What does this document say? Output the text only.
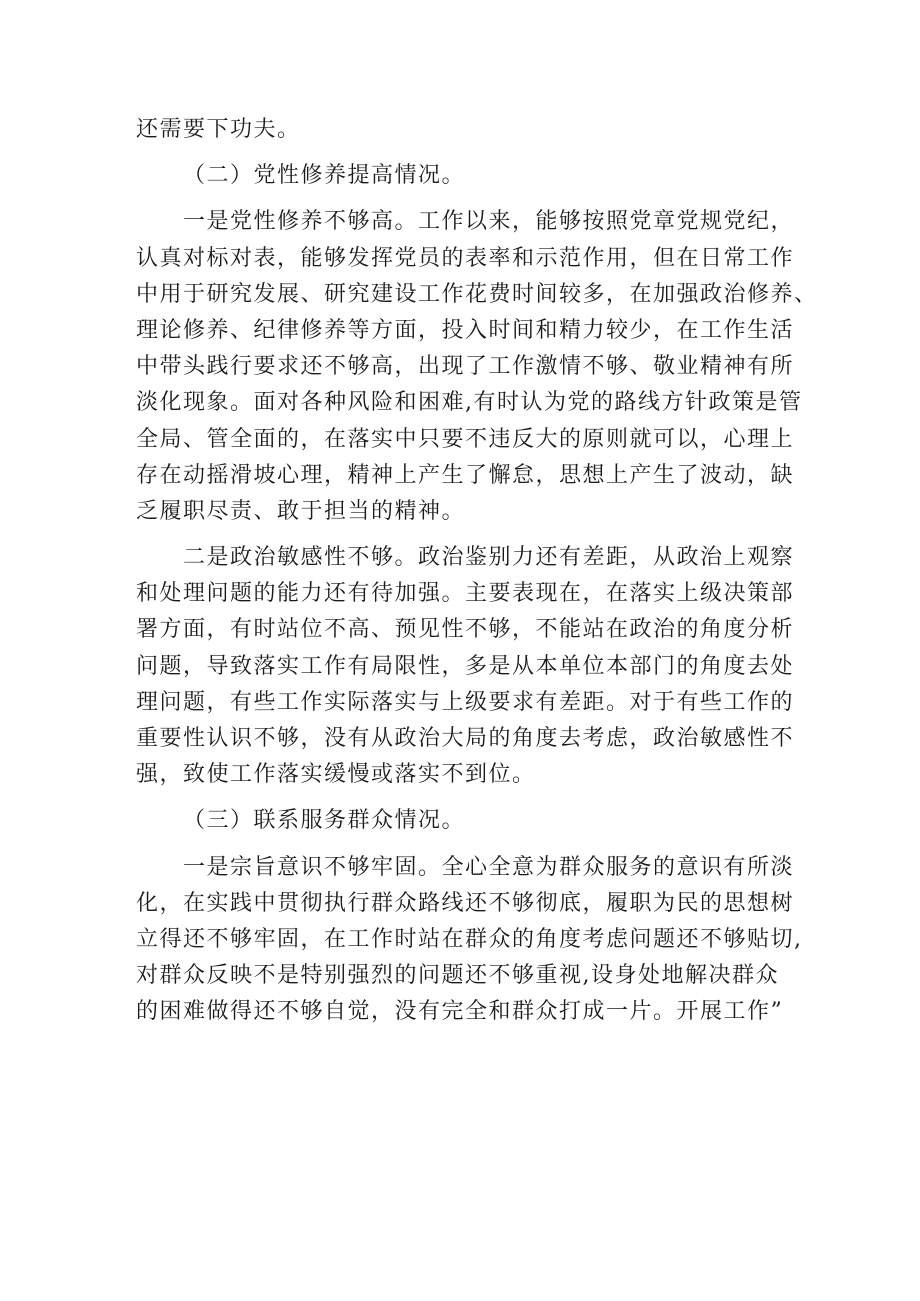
还需要下功夫。
（二）党性修养提高情况。
一是党性修养不够高。工作以来，能够按照党章党规党纪，
认真对标对表，能够发挥党员的表率和示范作用，但在日常工作
中用于研究发展、研究建设工作花费时间较多，在加强政治修养、
理论修养、纪律修养等方面，投入时间和精力较少，在工作生活
中带头践行要求还不够高，出现了工作激情不够、敬业精神有所
淡化现象。面对各种风险和困难,有时认为党的路线方针政策是管
全局、管全面的，在落实中只要不违反大的原则就可以，心理上
存在动摇滑坡心理，精神上产生了懈怠，思想上产生了波动，缺
乏履职尽责、敢于担当的精神。
二是政治敏感性不够。政治鉴别力还有差距，从政治上观察
和处理问题的能力还有待加强。主要表现在，在落实上级决策部
署方面，有时站位不高、预见性不够，不能站在政治的角度分析
问题，导致落实工作有局限性，多是从本单位本部门的角度去处
理问题，有些工作实际落实与上级要求有差距。对于有些工作的
重要性认识不够，没有从政治大局的角度去考虑，政治敏感性不
强，致使工作落实缓慢或落实不到位。
（三）联系服务群众情况。
一是宗旨意识不够牢固。全心全意为群众服务的意识有所淡
化，在实践中贯彻执行群众路线还不够彻底，履职为民的思想树
立得还不够牢固，在工作时站在群众的角度考虑问题还不够贴切,
对群众反映不是特别强烈的问题还不够重视,设身处地解决群众
的困难做得还不够自觉，没有完全和群众打成一片。开展工作”
